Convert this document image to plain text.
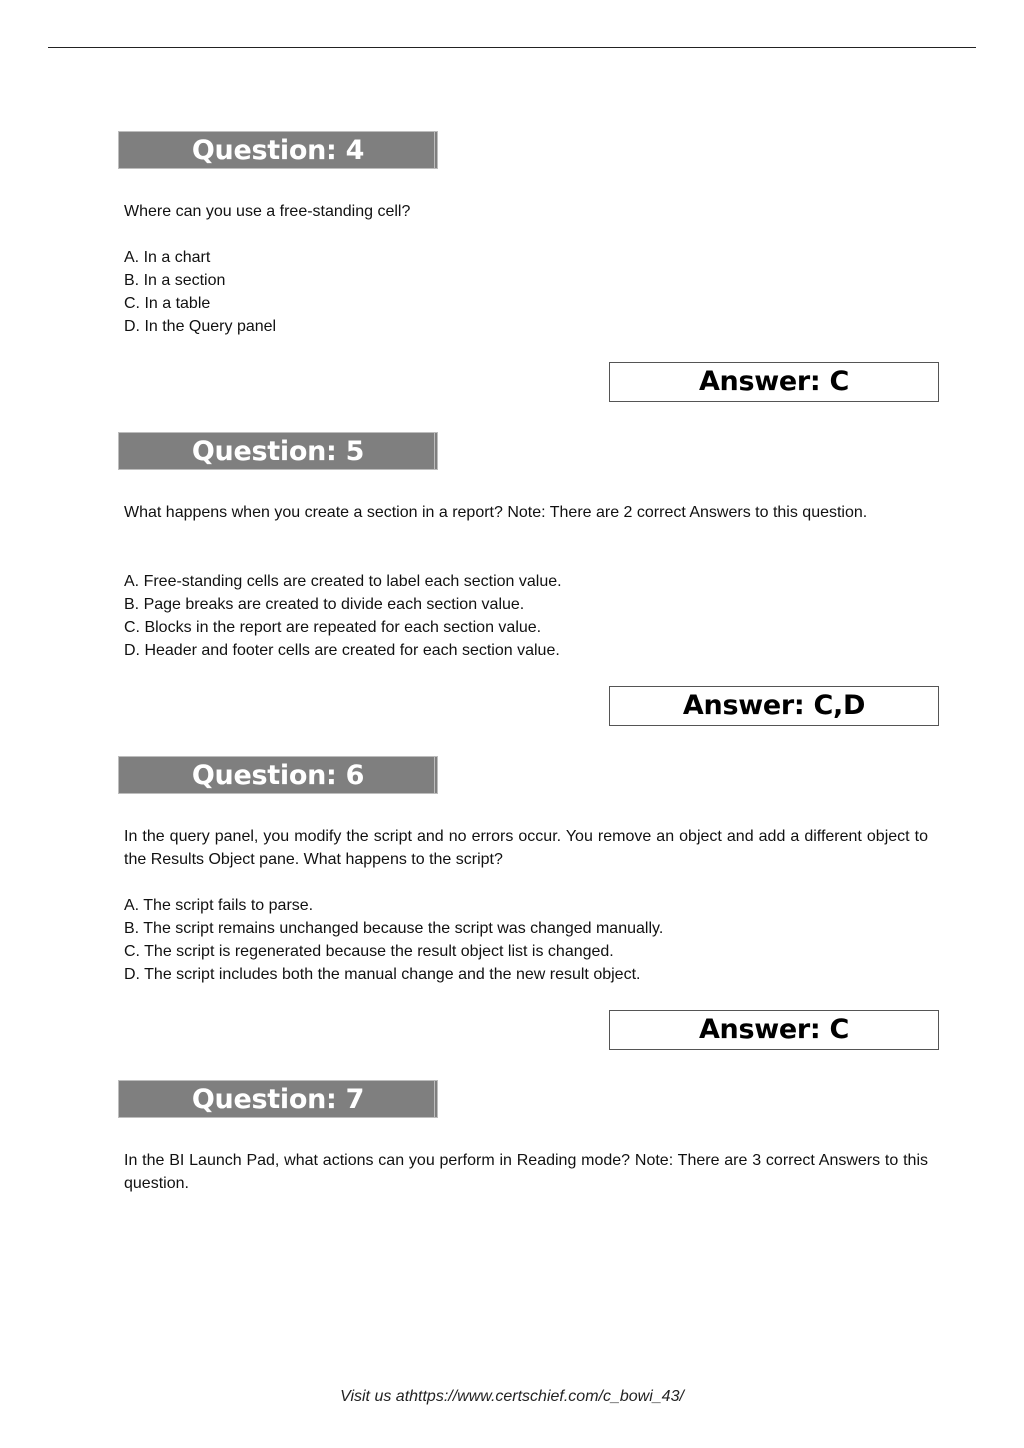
Question: 4

Where can you use a free-standing cell?

A. In a chart
B. In a section
C. In a table
D. In the Query panel
Answer: C
Question: 5

What happens when you create a section in a report? Note: There are 2 correct Answers to this question.

A. Free-standing cells are created to label each section value.
B. Page breaks are created to divide each section value.
C. Blocks in the report are repeated for each section value.
D. Header and footer cells are created for each section value.
Answer: C,D
Question: 6

In the query panel, you modify the script and no errors occur. You remove an object and add a different object to the Results Object pane. What happens to the script?

A. The script fails to parse.
B. The script remains unchanged because the script was changed manually.
C. The script is regenerated because the result object list is changed.
D. The script includes both the manual change and the new result object.
Answer: C
Question: 7

In the BI Launch Pad, what actions can you perform in Reading mode? Note: There are 3 correct Answers to this question.

Visit us athttps://www.certschief.com/c_bowi_43/
